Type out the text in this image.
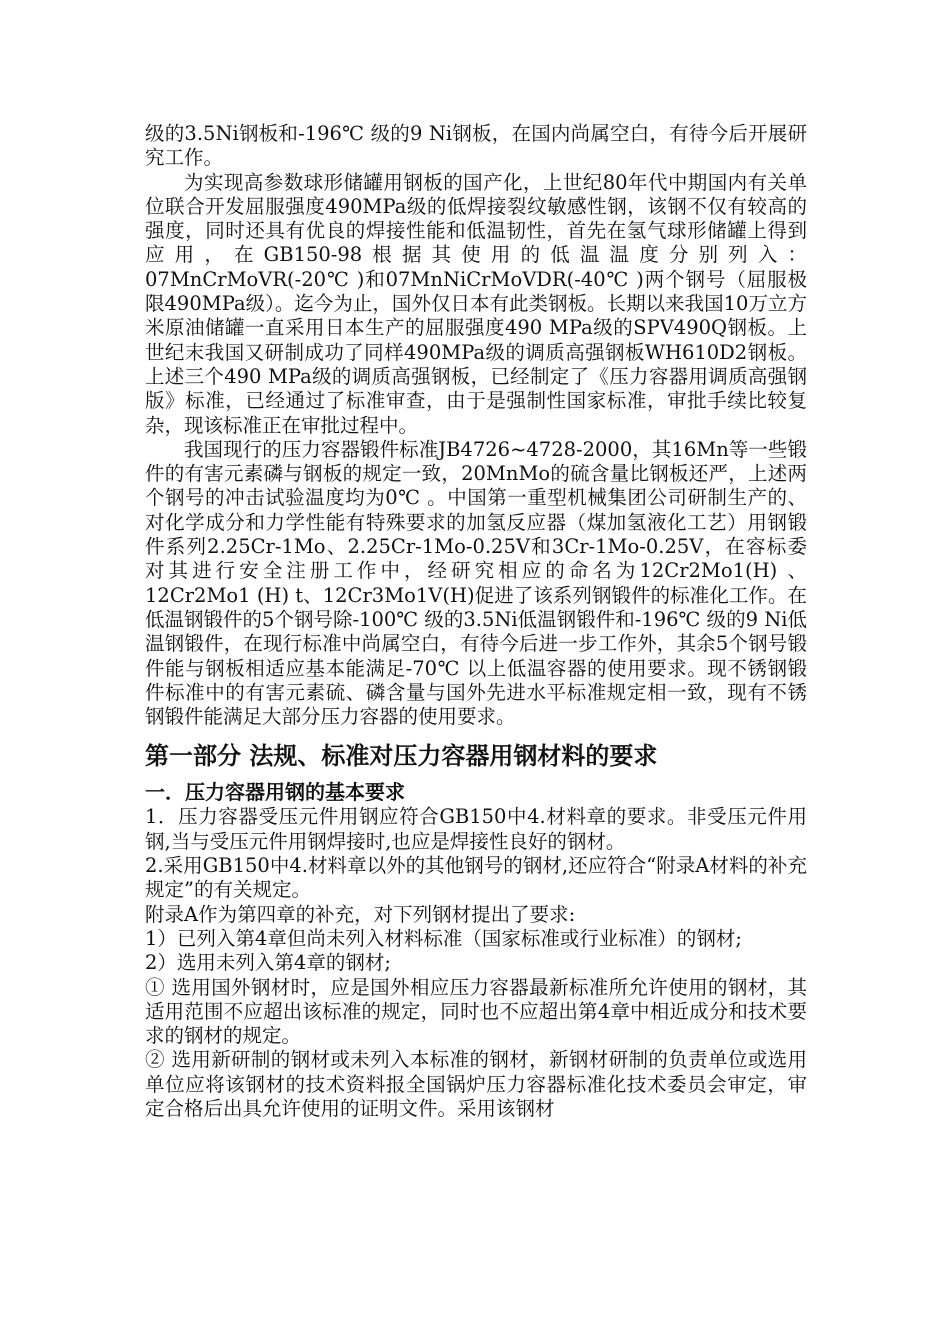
级的3.5Ni钢板和-196℃ 级的9 Ni钢板，在国内尚属空白，有待今后开展研究工作。

为实现高参数球形储罐用钢板的国产化，上世纪80年代中期国内有关单位联合开发屈服强度490MPa级的低焊接裂纹敏感性钢，该钢不仅有较高的强度，同时还具有优良的焊接性能和低温韧性，首先在氢气球形储罐上得到应用，在GB150-98根据其使用的低温温度分别列入： 07MnCrMoVR(-20℃ )和07MnNiCrMoVDR(-40℃ )两个钢号（屈服极限490MPa级）。迄今为止，国外仅日本有此类钢板。长期以来我国10万立方米原油储罐一直采用日本生产的屈服强度490 MPa级的SPV490Q钢板。上世纪末我国又研制成功了同样490MPa级的调质高强钢板WH610D2钢板。上述三个490 MPa级的调质高强钢板，已经制定了《压力容器用调质高强钢版》标准，已经通过了标准审查，由于是强制性国家标准，审批手续比较复杂，现该标准正在审批过程中。

我国现行的压力容器锻件标准JB4726~4728-2000，其16Mn等一些锻件的有害元素磷与钢板的规定一致，20MnMo的硫含量比钢板还严，上述两个钢号的冲击试验温度均为0℃ 。中国第一重型机械集团公司研制生产的、对化学成分和力学性能有特殊要求的加氢反应器（煤加氢液化工艺）用钢锻件系列2.25Cr-1Mo、2.25Cr-1Mo-0.25V和3Cr-1Mo-0.25V，在容标委对其进行安全注册工作中，经研究相应的命名为12Cr2Mo1(H) 、12Cr2Mo1 (H) t、12Cr3Mo1V(H)促进了该系列钢锻件的标准化工作。在低温钢锻件的5个钢号除-100℃ 级的3.5Ni低温钢锻件和-196℃ 级的9 Ni低温钢锻件，在现行标准中尚属空白，有待今后进一步工作外，其余5个钢号锻件能与钢板相适应基本能满足-70℃ 以上低温容器的使用要求。现不锈钢锻件标准中的有害元素硫、磷含量与国外先进水平标准规定相一致，现有不锈钢锻件能满足大部分压力容器的使用要求。

第一部分 法规、标准对压力容器用钢材料的要求
一．压力容器用钢的基本要求

1．压力容器受压元件用钢应符合GB150中4.材料章的要求。非受压元件用钢,当与受压元件用钢焊接时,也应是焊接性良好的钢材。

2.采用GB150中4.材料章以外的其他钢号的钢材,还应符合“附录A材料的补充规定”的有关规定。

附录A作为第四章的补充，对下列钢材提出了要求:

1）已列入第4章但尚未列入材料标准（国家标准或行业标准）的钢材;

2）选用未列入第4章的钢材;

① 选用国外钢材时，应是国外相应压力容器最新标准所允许使用的钢材，其适用范围不应超出该标准的规定，同时也不应超出第4章中相近成分和技术要求的钢材的规定。

② 选用新研制的钢材或未列入本标准的钢材，新钢材研制的负责单位或选用单位应将该钢材的技术资料报全国锅炉压力容器标准化技术委员会审定，审定合格后出具允许使用的证明文件。采用该钢材
